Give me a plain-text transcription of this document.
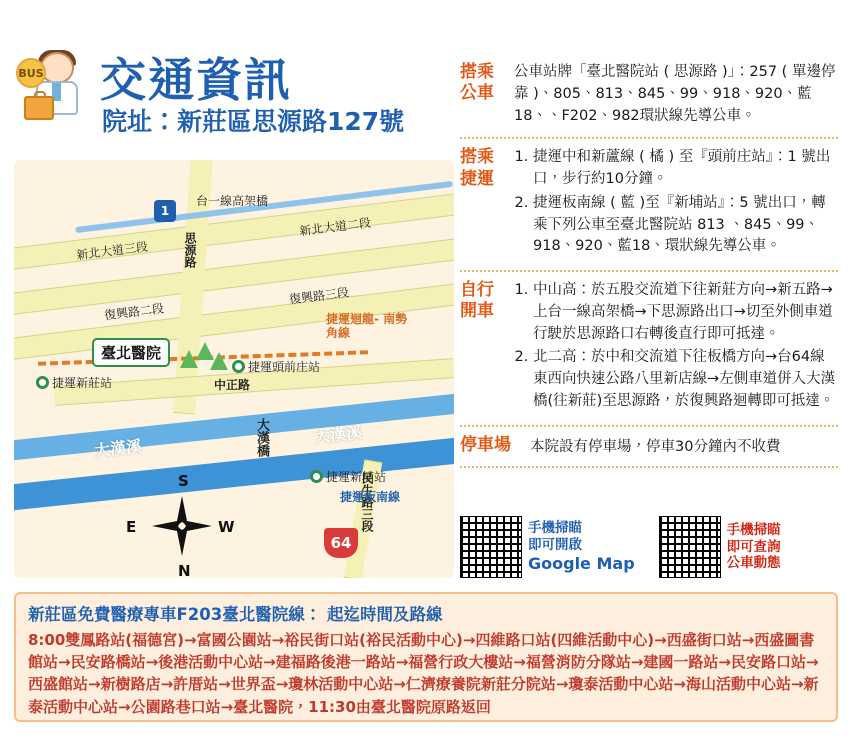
BUS 交通資訊
院址：新莊區思源路127號
1
台一線高架橋
新北大道三段
新北大道二段
復興路二段
復興路三段
思源路
中正路
民生路三段
捷運頭前庄站
捷運新莊站
捷運新埔站
捷運迴龍- 南勢角線
捷運板南線
臺北醫院
大漢溪
大漢溪	大漢橋
S
N
E	W
64
搭乘
公車
公車站牌「臺北醫院站 ( 思源路 )」：257 ( 單邊停靠 )、805、813、845、99、918、920、藍18、、F202、982環狀線先導公車。
搭乘
捷運
1. 捷運中和新蘆線 ( 橘 ) 至『頭前庄站』：1 號出口，步行約10分鐘。
2. 捷運板南線 ( 藍 )至『新埔站』：5 號出口，轉乘下列公車至臺北醫院站 813 、845、99、918、920、藍18、環狀線先導公車。
自行
開車
1. 中山高：於五股交流道下往新莊方向→新五路→上台一線高架橋→下思源路出口→切至外側車道行駛於思源路口右轉後直行即可抵達。
2. 北二高：於中和交流道下往板橋方向→台64線東西向快速公路八里新店線→左側車道併入大漢橋(往新莊)至思源路，於復興路迴轉即可抵達。
停車場	本院設有停車場，停車30分鐘內不收費
手機掃瞄
即可開啟
Google Map
手機掃瞄
即可查詢
公車動態
新莊區免費醫療專車F203臺北醫院線： 起迄時間及路線
8:00雙鳳路站(福德宮)→富國公園站→裕民街口站(裕民活動中心)→四維路口站(四維活動中心)→西盛街口站→西盛圖書館站→民安路橋站→後港活動中心站→建福路後港一路站→福營行政大樓站→福營消防分隊站→建國一路站→民安路口站→西盛館站→新樹路店→許厝站→世界盃→瓊林活動中心站→仁濟療養院新莊分院站→瓊泰活動中心站→海山活動中心站→新泰活動中心站→公園路巷口站→臺北醫院，11:30由臺北醫院原路返回
